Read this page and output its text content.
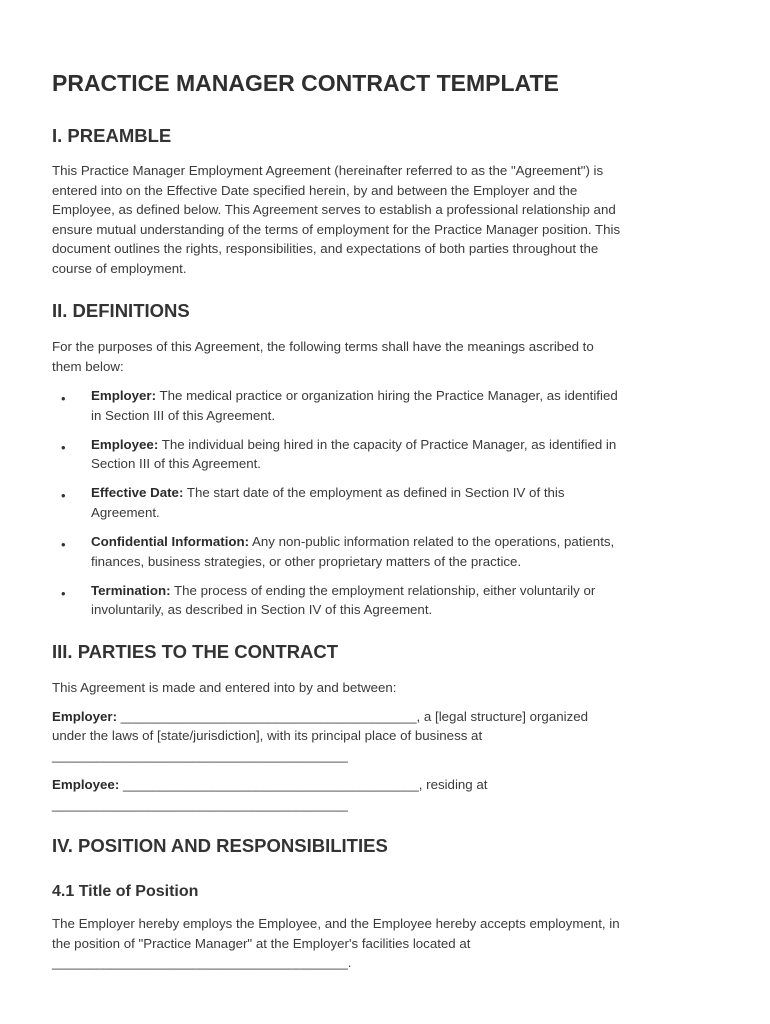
PRACTICE MANAGER CONTRACT TEMPLATE
I. PREAMBLE
This Practice Manager Employment Agreement (hereinafter referred to as the "Agreement") is
entered into on the Effective Date specified herein, by and between the Employer and the
Employee, as defined below. This Agreement serves to establish a professional relationship and
ensure mutual understanding of the terms of employment for the Practice Manager position. This
document outlines the rights, responsibilities, and expectations of both parties throughout the
course of employment.
II. DEFINITIONS
For the purposes of this Agreement, the following terms shall have the meanings ascribed to
them below:
• Employer: The medical practice or organization hiring the Practice Manager, as identified
in Section III of this Agreement.
• Employee: The individual being hired in the capacity of Practice Manager, as identified in
Section III of this Agreement.
• Effective Date: The start date of the employment as defined in Section IV of this
Agreement.
• Confidential Information: Any non-public information related to the operations, patients,
finances, business strategies, or other proprietary matters of the practice.
• Termination: The process of ending the employment relationship, either voluntarily or
involuntarily, as described in Section IV of this Agreement.
III. PARTIES TO THE CONTRACT
This Agreement is made and entered into by and between:
Employer: ________________________________________, a [legal structure] organized
under the laws of [state/jurisdiction], with its principal place of business at
________________________________________
Employee: ________________________________________, residing at
________________________________________
IV. POSITION AND RESPONSIBILITIES
4.1 Title of Position
The Employer hereby employs the Employee, and the Employee hereby accepts employment, in
the position of "Practice Manager" at the Employer's facilities located at
________________________________________.
